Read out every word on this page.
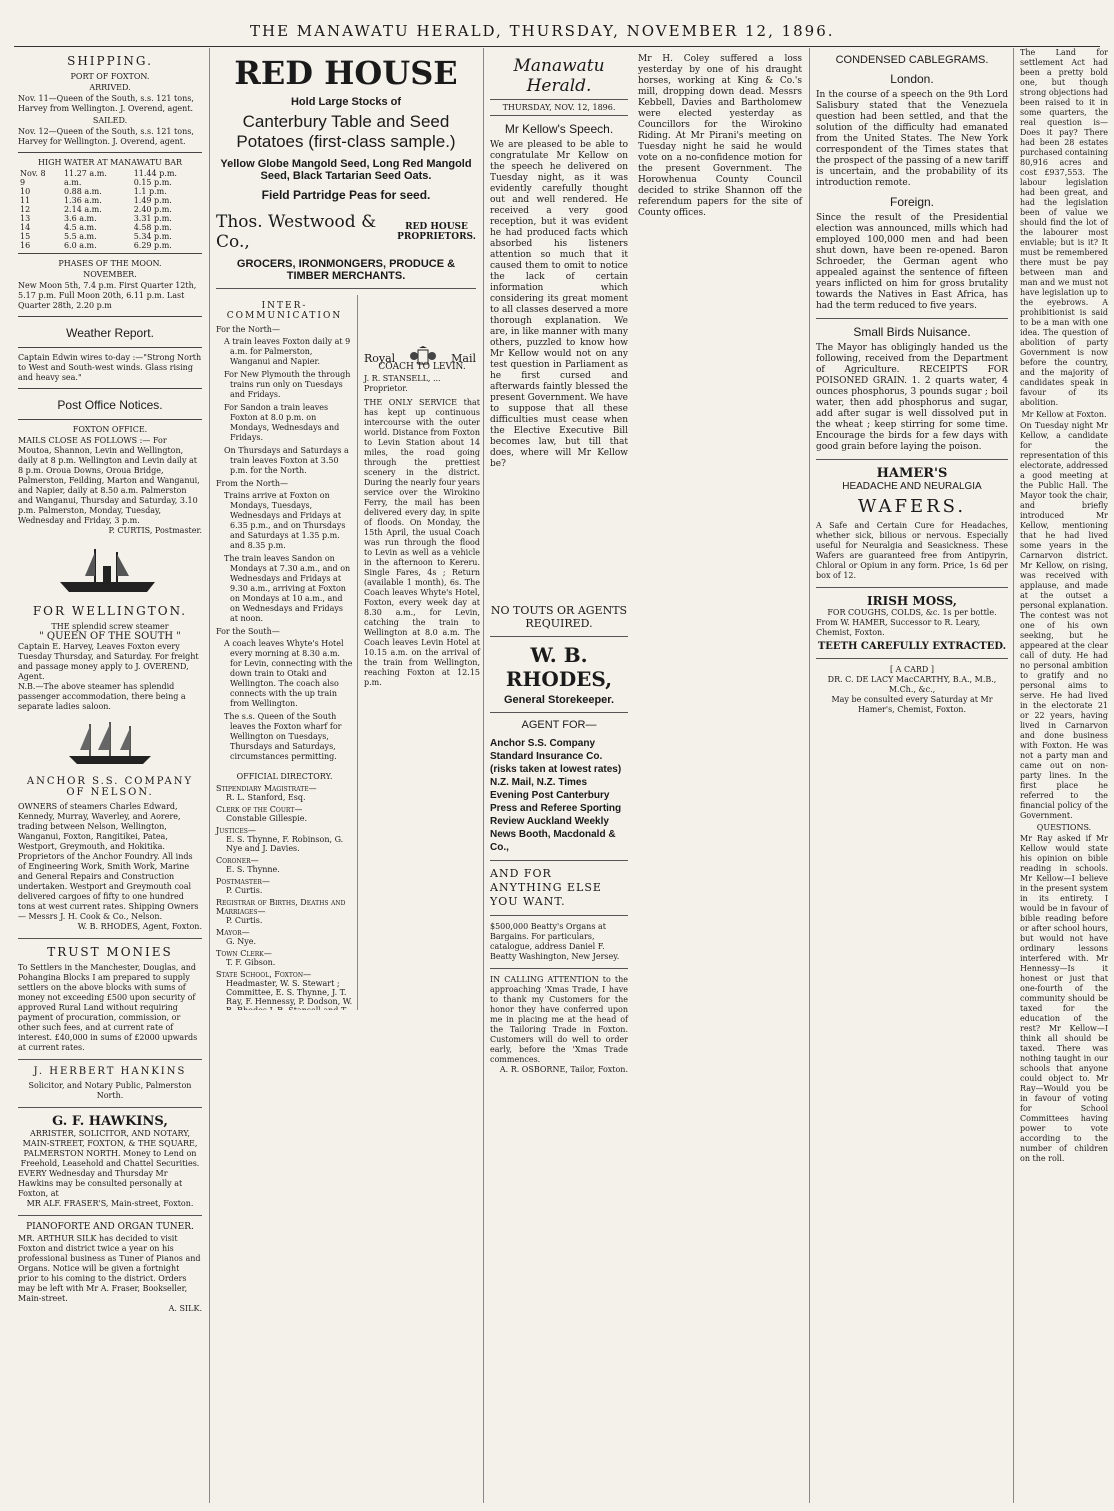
THE MANAWATU HERALD, THURSDAY, NOVEMBER 12, 1896.
SHIPPING.
PORT OF FOXTON.
ARRIVED.
Nov. 11—Queen of the South, s.s. 121 tons, Harvey from Wellington. J. Overend, agent.
SAILED.
Nov. 12—Queen of the South, s.s. 121 tons, Harvey for Wellington. J. Overend, agent.
HIGH WATER AT MANAWATU BAR
Nov. 8	11.27 a.m.	11.44 p.m.
9	a.m.	0.15 p.m.
10	0.88 a.m.	1.1 p.m.
11	1.36 a.m.	1.49 p.m.
12	2.14 a.m.	2.40 p.m.
13	3.6 a.m.	3.31 p.m.
14	4.5 a.m.	4.58 p.m.
15	5.5 a.m.	5.34 p.m.
16	6.0 a.m.	6.29 p.m.
PHASES OF THE MOON.
NOVEMBER.
New Moon 5th, 7.4 p.m. First Quarter 12th, 5.17 p.m. Full Moon 20th, 6.11 p.m. Last Quarter 28th, 2.20 p.m
Weather Report.
Captain Edwin wires to-day :—"Strong North to West and South-west winds. Glass rising and heavy sea."
Post Office Notices.
FOXTON OFFICE.
MAILS CLOSE AS FOLLOWS :— For Moutoa, Shannon, Levin and Wellington, daily at 8 p.m. Wellington and Levin daily at 8 p.m. Oroua Downs, Oroua Bridge, Palmerston, Feilding, Marton and Wanganui, and Napier, daily at 8.50 a.m. Palmerston and Wanganui, Thursday and Saturday, 3.10 p.m. Palmerston, Monday, Tuesday, Wednesday and Friday, 3 p.m.
P. CURTIS, Postmaster.
FOR WELLINGTON.
THE splendid screw steamer
" QUEEN OF THE SOUTH "
Captain E. Harvey, Leaves Foxton every Tuesday Thursday, and Saturday. For freight and passage money apply to J. OVEREND, Agent.
N.B.—The above steamer has splendid passenger accommodation, there being a separate ladies saloon.
ANCHOR S.S. COMPANY OF NELSON.
OWNERS of steamers Charles Edward, Kennedy, Murray, Waverley, and Aorere, trading between Nelson, Wellington, Wanganui, Foxton, Rangitikei, Patea, Westport, Greymouth, and Hokitika. Proprietors of the Anchor Foundry. All inds of Engineering Work, Smith Work, Marine and General Repairs and Construction undertaken. Westport and Greymouth coal delivered cargoes of fifty to one hundred tons at west current rates. Shipping Owners— Messrs J. H. Cook & Co., Nelson.
W. B. RHODES, Agent, Foxton.
TRUST MONIES
To Settlers in the Manchester, Douglas, and Pohangina Blocks I am prepared to supply settlers on the above blocks with sums of money not exceeding £500 upon security of approved Rural Land without requiring payment of procuration, commission, or other such fees, and at current rate of interest. £40,000 in sums of £2000 upwards at current rates.
J. HERBERT HANKINS
Solicitor, and Notary Public, Palmerston North.
G. F. HAWKINS,
ARRISTER, SOLICITOR, AND NOTARY, MAIN-STREET, FOXTON, & THE SQUARE, PALMERSTON NORTH. Money to Lend on Freehold, Leasehold and Chattel Securities.
EVERY Wednesday and Thursday Mr Hawkins may be consulted personally at Foxton, at
MR ALF. FRASER'S, Main-street, Foxton.
PIANOFORTE AND ORGAN TUNER.
MR. ARTHUR SILK has decided to visit Foxton and district twice a year on his professional business as Tuner of Pianos and Organs. Notice will be given a fortnight prior to his coming to the district. Orders may be left with Mr A. Fraser, Bookseller, Main-street.
A. SILK.
RED HOUSE
Hold Large Stocks of
Canterbury Table and Seed Potatoes (first-class sample.)
Yellow Globe Mangold Seed, Long Red Mangold Seed, Black Tartarian Seed Oats.
Field Partridge Peas for seed.
Thos. Westwood & Co.,
RED HOUSE PROPRIETORS.
GROCERS, IRONMONGERS, PRODUCE & TIMBER MERCHANTS.
INTER-COMMUNICATION
For the North—
A train leaves Foxton daily at 9 a.m. for Palmerston, Wanganui and Napier.
For New Plymouth the through trains run only on Tuesdays and Fridays.
For Sandon a train leaves Foxton at 8.0 p.m. on Mondays, Wednesdays and Fridays.
On Thursdays and Saturdays a train leaves Foxton at 3.50 p.m. for the North.
From the North—
Trains arrive at Foxton on Mondays, Tuesdays, Wednesdays and Fridays at 6.35 p.m., and on Thursdays and Saturdays at 1.35 p.m. and 8.35 p.m.
The train leaves Sandon on Mondays at 7.30 a.m., and on Wednesdays and Fridays at 9.30 a.m., arriving at Foxton on Mondays at 10 a.m., and on Wednesdays and Fridays at noon.
For the South—
A coach leaves Whyte's Hotel every morning at 8.30 a.m. for Levin, connecting with the down train to Otaki and Wellington. The coach also connects with the up train from Wellington.
The s.s. Queen of the South leaves the Foxton wharf for Wellington on Tuesdays, Thursdays and Saturdays, circumstances permitting.
OFFICIAL DIRECTORY.
Stipendiary Magistrate—
R. L. Stanford, Esq.
Clerk of the Court—
Constable Gillespie.
Justices—
E. S. Thynne, F. Robinson, G. Nye and J. Davies.
Coroner—
E. S. Thynne.
Postmaster—
P. Curtis.
Registrar of Births, Deaths and Marriages—
P. Curtis.
Mayor—
G. Nye.
Town Clerk—
T. F. Gibson.
State School, Foxton—
Headmaster, W. S. Stewart ; Committee, E. S. Thynne, J. T. Ray, F. Hennessy, P. Dodson, W.
Royal	Mail
Manawatu Herald.
THURSDAY, NOV. 12, 1896.
Mr Kellow's Speech.
We are pleased to be able to congratulate Mr Kellow on the speech he delivered on Tuesday night, as it was evidently carefully thought out and well rendered. He received a very good reception, but it was evident he had produced facts which absorbed his listeners attention so much that it caused them to omit to notice the lack of certain information which considering its great moment to all classes deserved a more thorough explanation. We are, in like manner with many others, puzzled to know how Mr Kellow would not on any test question in Parliament as he first cursed and afterwards faintly blessed the present Government. We have to suppose that all these difficulties must cease when the Elective Executive Bill becomes law, but till that does, where will Mr Kellow be?
COACH TO LEVIN.
J. R. STANSELL, ... Proprietor.
THE ONLY SERVICE that has kept up continuous intercourse with the outer world. Distance from Foxton to Levin Station about 14 miles, the road going through the prettiest scenery in the district. During the nearly four years service over the Wirokino Ferry, the mail has been delivered every day, in spite of floods. On Monday, the 15th April, the usual Coach was run through the flood to Levin as well as a vehicle in the afternoon to Kereru. Single Fares, 4s ; Return (available 1 month), 6s. The Coach leaves Whyte's Hotel, Foxton, every week day at 8.30 a.m., for Levin, catching the train to Wellington at 8.0 a.m. The Coach leaves Levin Hotel at 10.15 a.m. on the arrival of the train from Wellington, reaching Foxton at 12.15 p.m.
Mr H. Coley suffered a loss yesterday by one of his draught horses, working at King & Co.'s mill, dropping down dead. Messrs Kebbell, Davies and Bartholomew were elected yesterday as Councillors for the Wirokino Riding. At Mr Pirani's meeting on Tuesday night he said he would vote on a no-confidence motion for the present Government. The Horowhenua County Council decided to strike Shannon off the referendum papers for the site of County offices.
NO TOUTS OR AGENTS REQUIRED.
W. B. RHODES,
General Storekeeper.
AGENT FOR—
Anchor S.S. Company Standard Insurance Co. (risks taken at lowest rates) N.Z. Mail, N.Z. Times Evening Post Canterbury Press and Referee Sporting Review Auckland Weekly News Booth, Macdonald & Co.,
AND FOR ANYTHING ELSE YOU WANT.
$500,000 Beatty's Organs at Bargains. For particulars, catalogue, address Daniel F. Beatty Washington, New Jersey.
IN CALLING ATTENTION to the approaching 'Xmas Trade, I have to thank my Customers for the honor they have conferred upon me in placing me at the head of the Tailoring Trade in Foxton. Customers will do well to order early, before the 'Xmas Trade commences.
A. R. OSBORNE, Tailor, Foxton.
CONDENSED CABLEGRAMS.
London.
In the course of a speech on the 9th Lord Salisbury stated that the Venezuela question had been settled, and that the solution of the difficulty had emanated from the United States. The New York correspondent of the Times states that the prospect of the passing of a new tariff is uncertain, and the probability of its introduction remote.
Foreign.
Since the result of the Presidential election was announced, mills which had employed 100,000 men and had been shut down, have been re-opened. Baron Schroeder, the German agent who appealed against the sentence of fifteen years inflicted on him for gross brutality towards the Natives in East Africa, has had the term reduced to five years.
Small Birds Nuisance.
The Mayor has obligingly handed us the following, received from the Department of Agriculture. RECEIPTS FOR POISONED GRAIN. 1. 2 quarts water, 4 ounces phosphorus, 3 pounds sugar ; boil water, then add phosphorus and sugar, add after sugar is well dissolved put in the wheat ; keep stirring for some time. Encourage the birds for a few days with good grain before laying the poison.
HAMER'S
HEADACHE AND NEURALGIA
WAFERS.
A Safe and Certain Cure for Headaches, whether sick, bilious or nervous. Especially useful for Neuralgia and Seasickness. These Wafers are guaranteed free from Antipyrin, Chloral or Opium in any form. Price, 1s 6d per box of 12.
IRISH MOSS,
FOR COUGHS, COLDS, &c. 1s per bottle.
From W. HAMER, Successor to R. Leary, Chemist, Foxton.
TEETH CAREFULLY EXTRACTED.
[ A CARD ]
DR. C. DE LACY MacCARTHY, B.A., M.B., M.Ch., &c.,
May be consulted every Saturday at Mr Hamer's, Chemist, Foxton.
The Land for settlement Act had been a pretty bold one, but though strong objections had been raised to it in some quarters, the real question is—Does it pay? There had been 28 estates purchased containing 80,916 acres and cost £937,553. The labour legislation had been great, and had the legislation been of value we should find the lot of the labourer most enviable; but is it? It must be remembered there must be pay between man and man and we must not have legislation up to the eyebrows. A prohibitionist is said to be a man with one idea. The question of abolition of party Government is now before the country, and the majority of candidates speak in favour of its abolition.
Mr Kellow at Foxton.
On Tuesday night Mr Kellow, a candidate for the representation of this electorate, addressed a good meeting at the Public Hall. The Mayor took the chair, and briefly introduced Mr Kellow, mentioning that he had lived some years in the Carnarvon district. Mr Kellow, on rising, was received with applause, and made at the outset a personal explanation. The contest was not one of his own seeking, but he appeared at the clear call of duty. He had no personal ambition to gratify and no personal aims to serve. He had lived in the electorate 21 or 22 years, having lived in Carnarvon and done business with Foxton. He was not a party man and came out on non-party lines. In the first place he referred to the financial policy of the Government.
QUESTIONS.
Mr Ray asked if Mr Kellow would state his opinion on bible reading in schools. Mr Kellow—I believe in the present system in its entirety. I would be in favour of bible reading before or after school hours, but would not have ordinary lessons interfered with. Mr Hennessy—Is it honest or just that one-fourth of the community should be taxed for the education of the rest? Mr Kellow—I think all should be taxed. There was nothing taught in our schools that anyone could object to. Mr Ray—Would you be in favour of voting for School Committees having power to vote according to the number of children on the roll.
